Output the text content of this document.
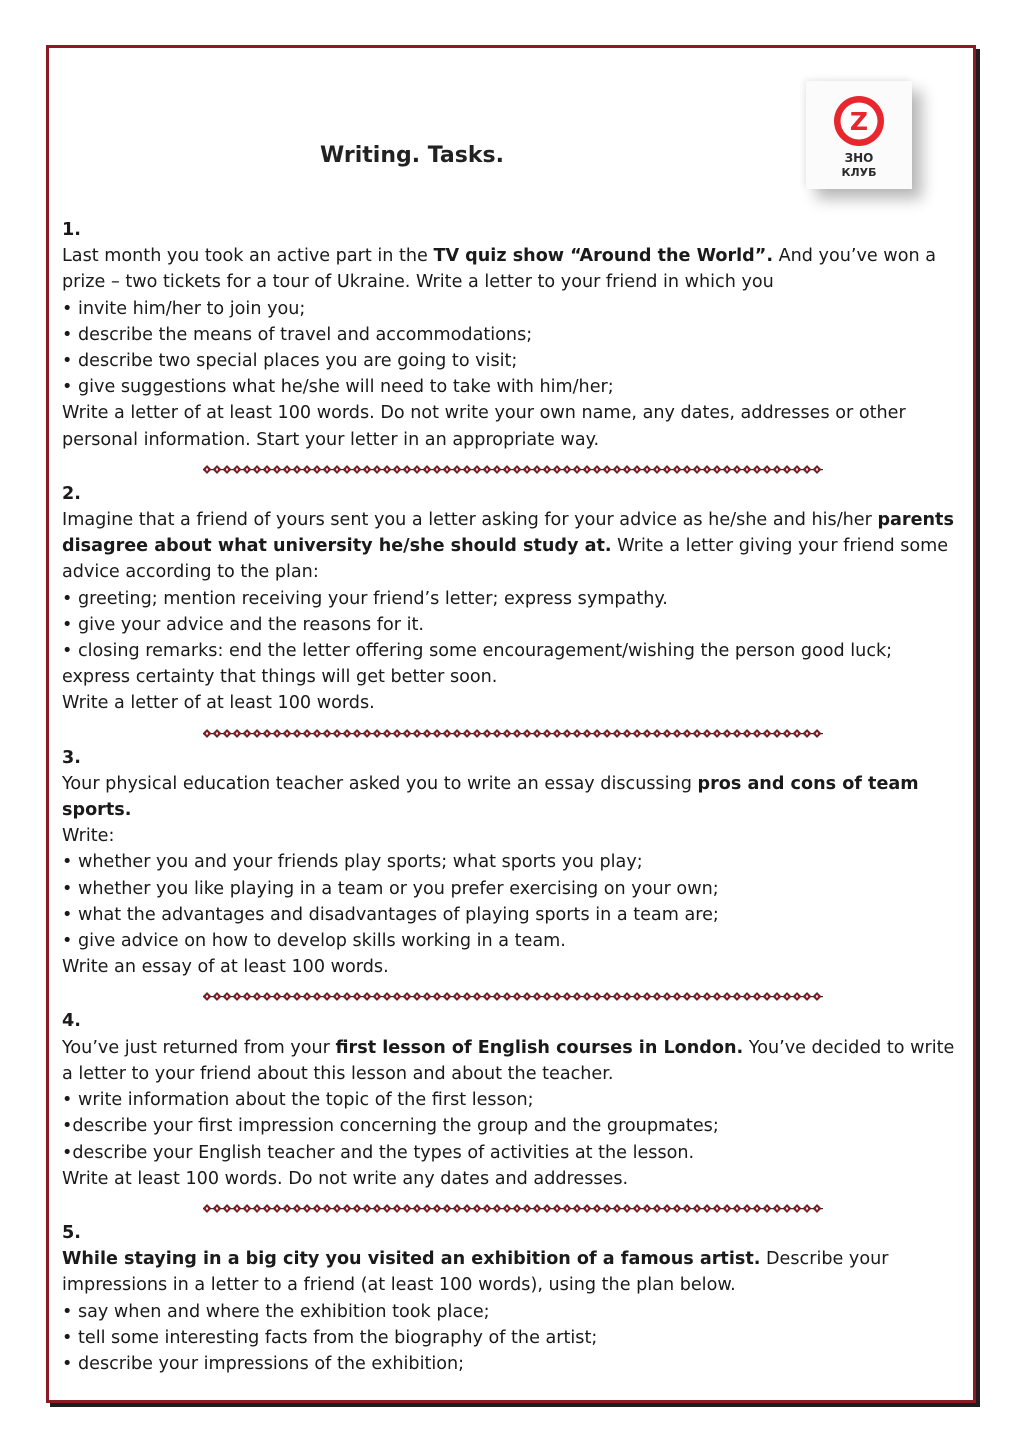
Z
ЗНО
КЛУБ
Writing. Tasks.

1.

Last month you took an active part in the TV quiz show “Around the World”. And you’ve won a prize – two tickets for a tour of Ukraine. Write a letter to your friend in which you

• invite him/her to join you;
• describe the means of travel and accommodations;
• describe two special places you are going to visit;
• give suggestions what he/she will need to take with him/her;

Write a letter of at least 100 words. Do not write your own name, any dates, addresses or other personal information. Start your letter in an appropriate way.

2.

Imagine that a friend of yours sent you a letter asking for your advice as he/she and his/her parents disagree about what university he/she should study at. Write a letter giving your friend some advice according to the plan:

• greeting; mention receiving your friend’s letter; express sympathy.
• give your advice and the reasons for it.
• closing remarks: end the letter offering some encouragement/wishing the person good luck; express certainty that things will get better soon.

Write a letter of at least 100 words.

3.

Your physical education teacher asked you to write an essay discussing pros and cons of team sports.

Write:

• whether you and your friends play sports; what sports you play;
• whether you like playing in a team or you prefer exercising on your own;
• what the advantages and disadvantages of playing sports in a team are;
• give advice on how to develop skills working in a team.

Write an essay of at least 100 words.

4.

You’ve just returned from your first lesson of English courses in London. You’ve decided to write a letter to your friend about this lesson and about the teacher.

• write information about the topic of the first lesson;
•describe your first impression concerning the group and the groupmates;
•describe your English teacher and the types of activities at the lesson.

Write at least 100 words. Do not write any dates and addresses.

5.

While staying in a big city you visited an exhibition of a famous artist. Describe your impressions in a letter to a friend (at least 100 words), using the plan below.

• say when and where the exhibition took place;
• tell some interesting facts from the biography of the artist;
• describe your impressions of the exhibition;
